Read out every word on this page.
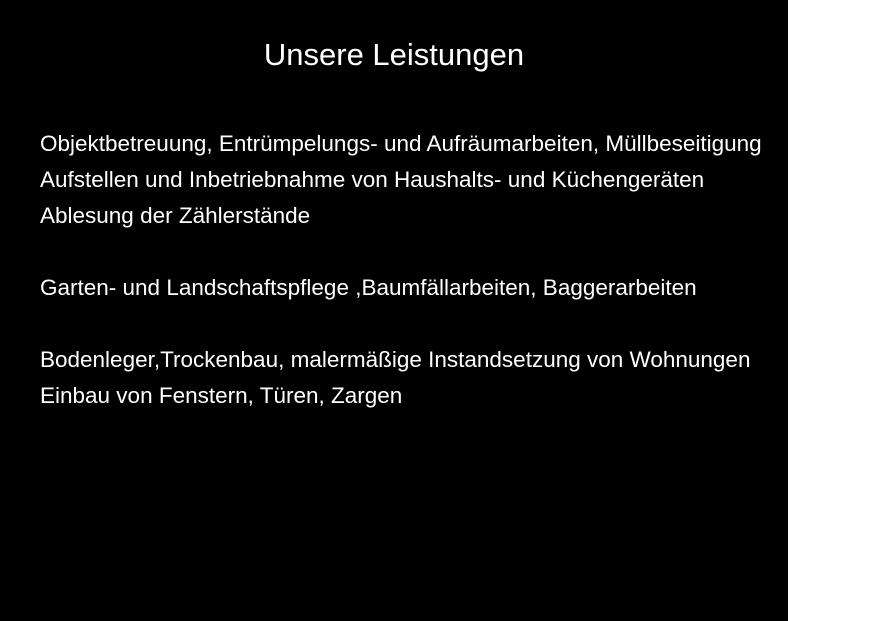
Unsere Leistungen
Objektbetreuung, Entrümpelungs- und Aufräumarbeiten, Müllbeseitigung
Aufstellen und Inbetriebnahme von Haushalts- und Küchengeräten
Ablesung der Zählerstände
Garten- und Landschaftspflege ,Baumfällarbeiten, Baggerarbeiten
Bodenleger,Trockenbau, malermäßige Instandsetzung von Wohnungen
Einbau von Fenstern, Türen, Zargen
